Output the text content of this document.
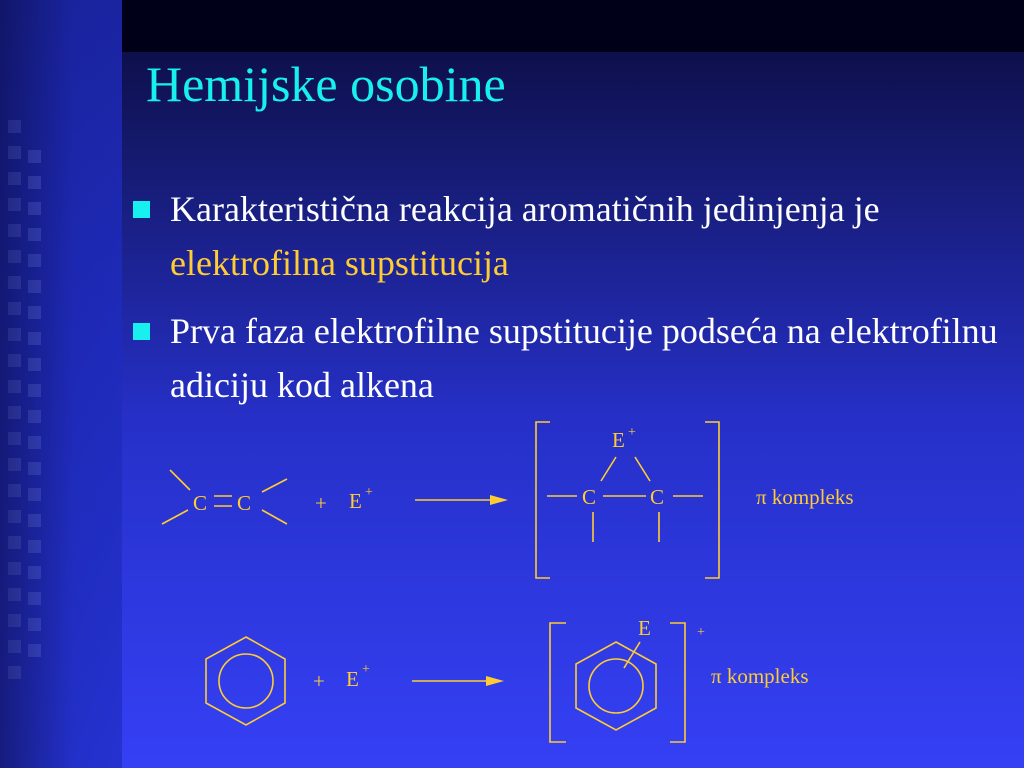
Hemijske osobine
Karakteristična reakcija aromatičnih jedinjenja je elektrofilna supstitucija
Prva faza elektrofilne supstitucije podseća na elektrofilnu adiciju kod alkena
C C	+ E +
E +
C	C	π kompleks
+ E +
+
E
π kompleks
